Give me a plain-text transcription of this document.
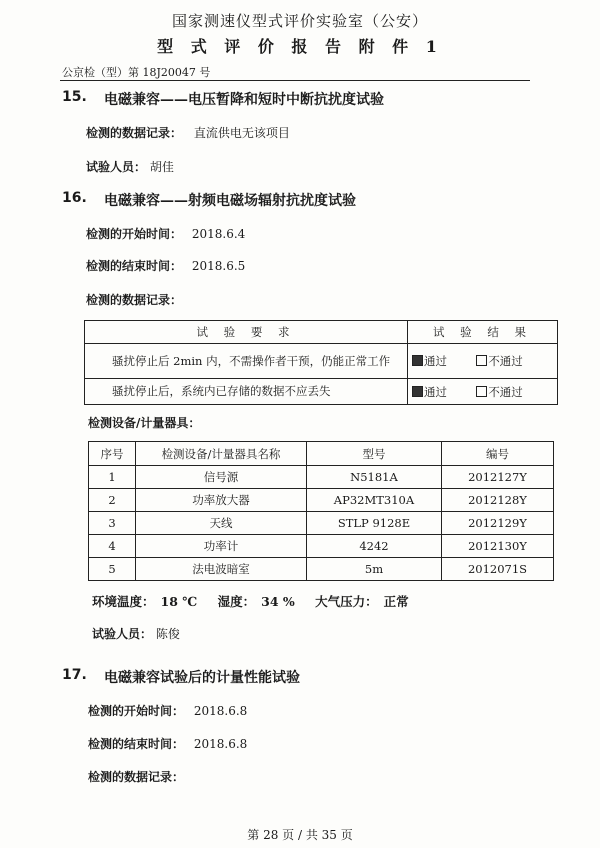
国家测速仪型式评价实验室（公安）
型 式 评 价 报 告 附 件 1
公京检（型）第 18J20047 号
15. 电磁兼容——电压暂降和短时中断抗扰度试验
检测的数据记录： 直流供电无该项目
试验人员： 胡佳
16. 电磁兼容——射频电磁场辐射抗扰度试验
检测的开始时间： 2018.6.4
检测的结束时间： 2018.6.5
检测的数据记录：
试 验 要 求	试 验 结 果
骚扰停止后 2min 内，不需操作者干预，仍能正常工作	通过 不通过
骚扰停止后，系统内已存储的数据不应丢失	通过 不通过
检测设备/计量器具：
序号	检测设备/计量器具名称	型号	编号
1	信号源	N5181A	2012127Y
2	功率放大器	AP32MT310A	2012128Y
3	天线	STLP 9128E	2012129Y
4	功率计	4242	2012130Y
5	法电波暗室	5m	2012071S
环境温度： 18 ℃ 湿度： 34 % 大气压力： 正常
试验人员： 陈俊
17. 电磁兼容试验后的计量性能试验
检测的开始时间： 2018.6.8
检测的结束时间： 2018.6.8
检测的数据记录：
第 28 页 / 共 35 页
